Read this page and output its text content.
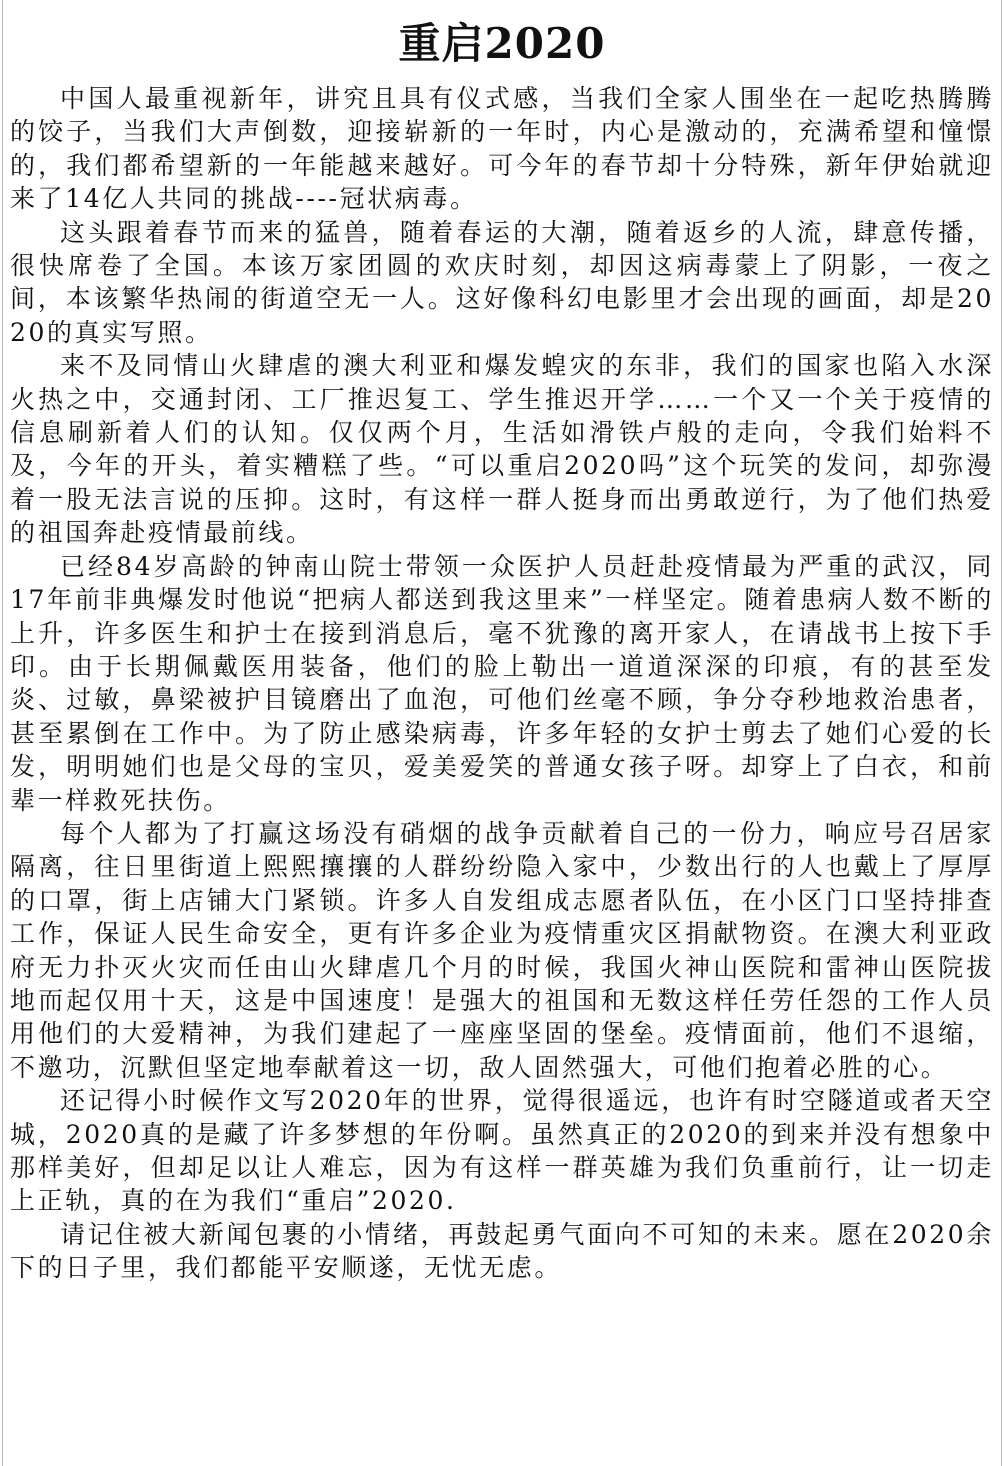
重启2020

中国人最重视新年，讲究且具有仪式感，当我们全家人围坐在一起吃热腾腾的饺子，当我们大声倒数，迎接崭新的一年时，内心是激动的，充满希望和憧憬的，我们都希望新的一年能越来越好。可今年的春节却十分特殊，新年伊始就迎来了14亿人共同的挑战----冠状病毒。

这头跟着春节而来的猛兽，随着春运的大潮，随着返乡的人流，肆意传播，很快席卷了全国。本该万家团圆的欢庆时刻，却因这病毒蒙上了阴影，一夜之间，本该繁华热闹的街道空无一人。这好像科幻电影里才会出现的画面，却是2020的真实写照。

来不及同情山火肆虐的澳大利亚和爆发蝗灾的东非，我们的国家也陷入水深火热之中，交通封闭、工厂推迟复工、学生推迟开学……一个又一个关于疫情的信息刷新着人们的认知。仅仅两个月，生活如滑铁卢般的走向，令我们始料不及，今年的开头，着实糟糕了些。“可以重启2020吗”这个玩笑的发问，却弥漫着一股无法言说的压抑。这时，有这样一群人挺身而出勇敢逆行，为了他们热爱的祖国奔赴疫情最前线。

已经84岁高龄的钟南山院士带领一众医护人员赶赴疫情最为严重的武汉，同17年前非典爆发时他说“把病人都送到我这里来”一样坚定。随着患病人数不断的上升，许多医生和护士在接到消息后，毫不犹豫的离开家人，在请战书上按下手印。由于长期佩戴医用装备，他们的脸上勒出一道道深深的印痕，有的甚至发炎、过敏，鼻梁被护目镜磨出了血泡，可他们丝毫不顾，争分夺秒地救治患者，甚至累倒在工作中。为了防止感染病毒，许多年轻的女护士剪去了她们心爱的长发，明明她们也是父母的宝贝，爱美爱笑的普通女孩子呀。却穿上了白衣，和前辈一样救死扶伤。

每个人都为了打赢这场没有硝烟的战争贡献着自己的一份力，响应号召居家隔离，往日里街道上熙熙攘攘的人群纷纷隐入家中，少数出行的人也戴上了厚厚的口罩，街上店铺大门紧锁。许多人自发组成志愿者队伍，在小区门口坚持排查工作，保证人民生命安全，更有许多企业为疫情重灾区捐献物资。在澳大利亚政府无力扑灭火灾而任由山火肆虐几个月的时候，我国火神山医院和雷神山医院拔地而起仅用十天，这是中国速度！是强大的祖国和无数这样任劳任怨的工作人员用他们的大爱精神，为我们建起了一座座坚固的堡垒。疫情面前，他们不退缩，不邀功，沉默但坚定地奉献着这一切，敌人固然强大，可他们抱着必胜的心。

还记得小时候作文写2020年的世界，觉得很遥远，也许有时空隧道或者天空城，2020真的是藏了许多梦想的年份啊。虽然真正的2020的到来并没有想象中那样美好，但却足以让人难忘，因为有这样一群英雄为我们负重前行，让一切走上正轨，真的在为我们“重启”2020.

请记住被大新闻包裹的小情绪，再鼓起勇气面向不可知的未来。愿在2020余下的日子里，我们都能平安顺遂，无忧无虑。
